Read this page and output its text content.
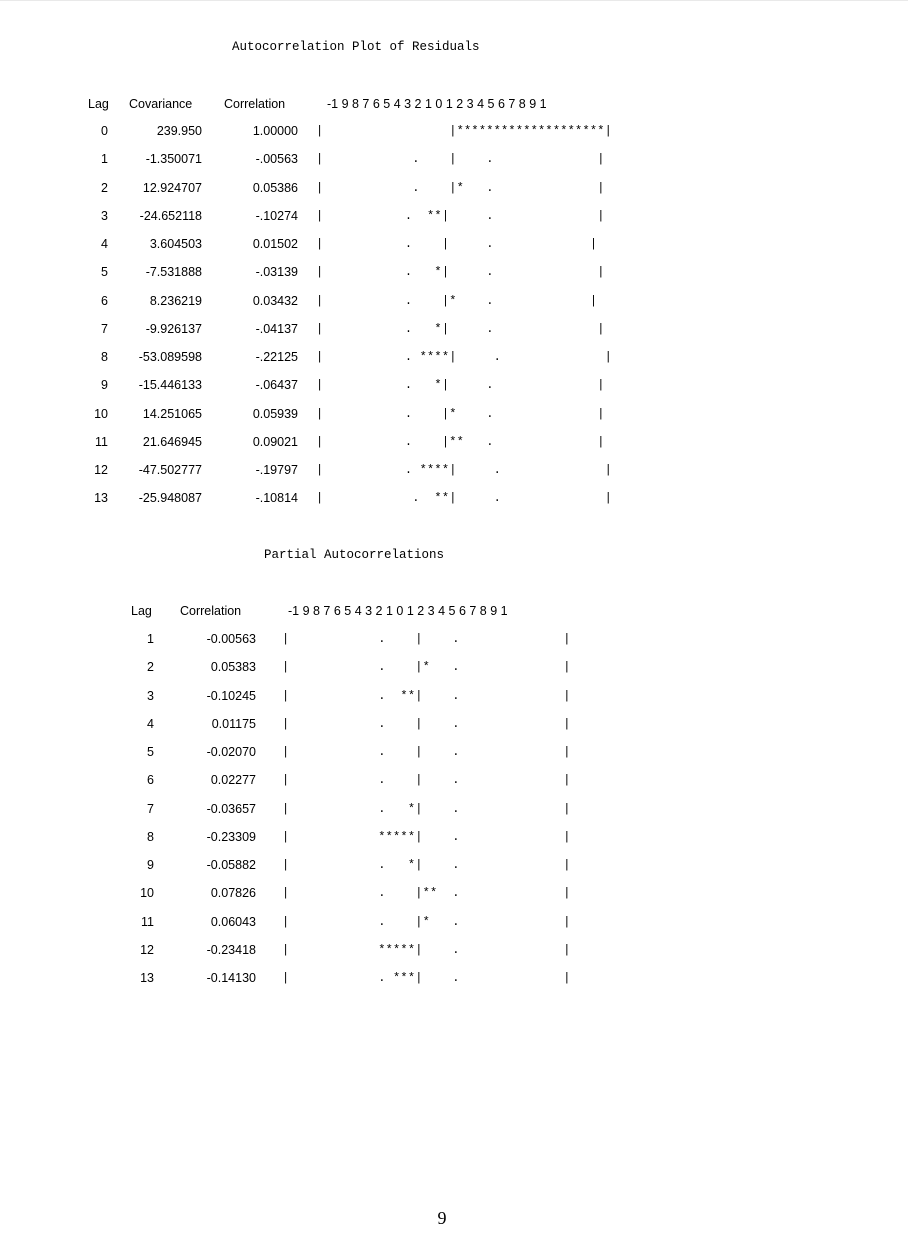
Autocorrelation Plot of Residuals
Lag Covariance	Correlation	-1 9 8 7 6 5 4 3 2 1 0 1 2 3 4 5 6 7 8 9 1
0	239.950	1.00000 |                 |********************|
1	-1.350071	-.00563 |            .    |    .              |
2	12.924707	0.05386 |            .    |*   .              |
3	-24.652118	-.10274 |           .  **|     .              |
4	3.604503	0.01502 |           .    |     .             |
5	-7.531888	-.03139 |           .   *|     .              |
6	8.236219	0.03432 |           .    |*    .             |
7	-9.926137	-.04137 |           .   *|     .              |
8	-53.089598	-.22125 |           . ****|     .              |
9	-15.446133	-.06437 |           .   *|     .              |
10	14.251065	0.05939 |           .    |*    .              |
11	21.646945	0.09021 |           .    |**   .              |
12	-47.502777	-.19797 |           . ****|     .              |
13	-25.948087	-.10814 |            .  **|     .              |
Partial Autocorrelations
Lag Correlation	-1 9 8 7 6 5 4 3 2 1 0 1 2 3 4 5 6 7 8 9 1
1	-0.00563 |            .    |    .              |
2	0.05383 |            .    |*   .              |
3	-0.10245 |            .  **|    .              |
4	0.01175 |            .    |    .              |
5	-0.02070 |            .    |    .              |
6	0.02277 |            .    |    .              |
7	-0.03657 |            .   *|    .              |
8	-0.23309 |            *****|    .              |
9	-0.05882 |            .   *|    .              |
10	0.07826 |            .    |**  .              |
11	0.06043 |            .    |*   .              |
12	-0.23418 |            *****|    .              |
13	-0.14130 |            . ***|    .              |
9
